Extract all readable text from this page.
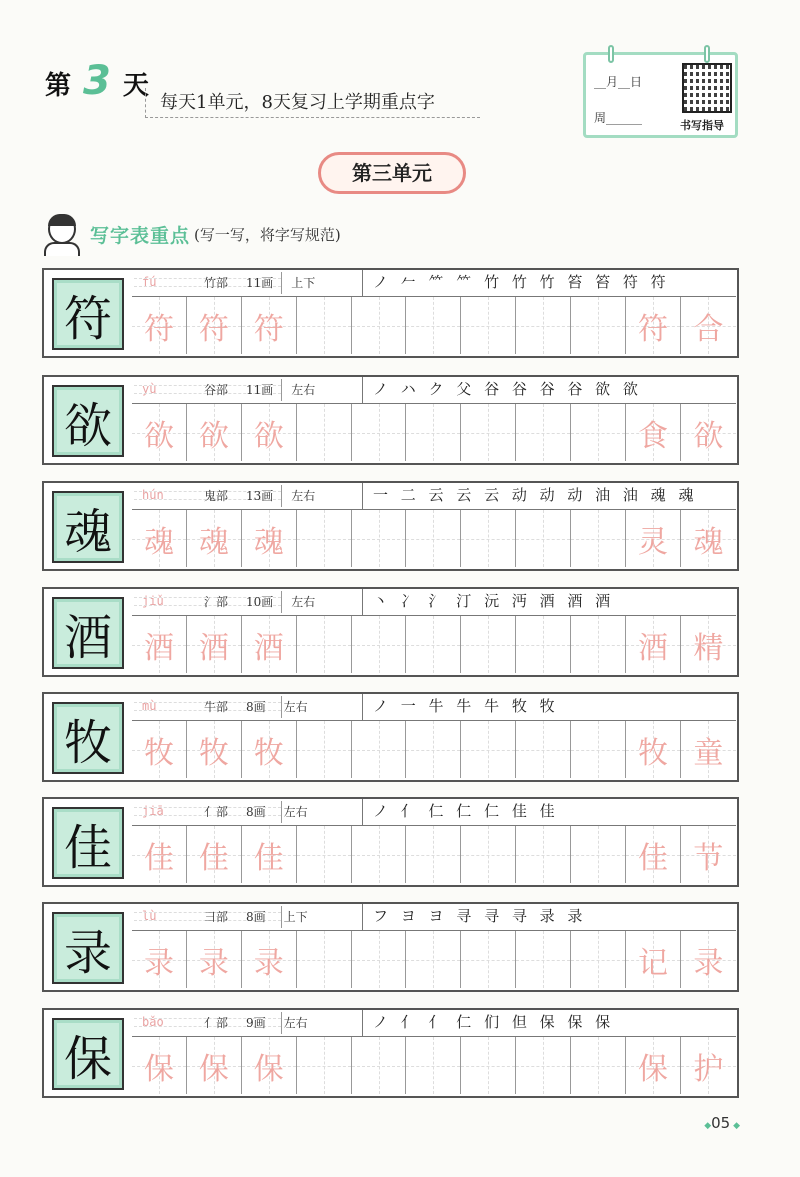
第 3 天
每天1单元，8天复习上学期重点字
__月__日
周______
书写指导
第三单元
写字表重点 (写一写，将字写规范)
符
fú	竹部 11画 上下	ノ 𠂉 ⺮ ⺮ 竹 竹 竹 笞 笞 符 符
符 符 符	符 合
欲
yù	谷部 11画 左右	ノ ハ ク 父 谷 谷 谷 谷 欲 欲
欲 欲 欲	食 欲
魂
hún	鬼部 13画 左右	一 二 云 云 云 动 动 动 油 油 魂 魂
魂 魂 魂	灵 魂
酒
jiǔ	氵部 10画 左右	丶 冫 氵 汀 沅 沔 酒 酒 酒
酒 酒 酒	酒 精
牧
mù	牛部 8画 左右	ノ 一 牛 牛 牛 牧 牧
牧 牧 牧	牧 童
佳
jiā	亻部 8画 左右	ノ 亻 仁 仁 仁 佳 佳
佳 佳 佳	佳 节
录
lù	彐部 8画 上下	フ ヨ ヨ 寻 寻 寻 录 录
录 录 录	记 录
保
bǎo	亻部 9画 左右	ノ 亻 亻 仁 们 但 保 保 保
保 保 保	保 护
◆ 05 ◆
